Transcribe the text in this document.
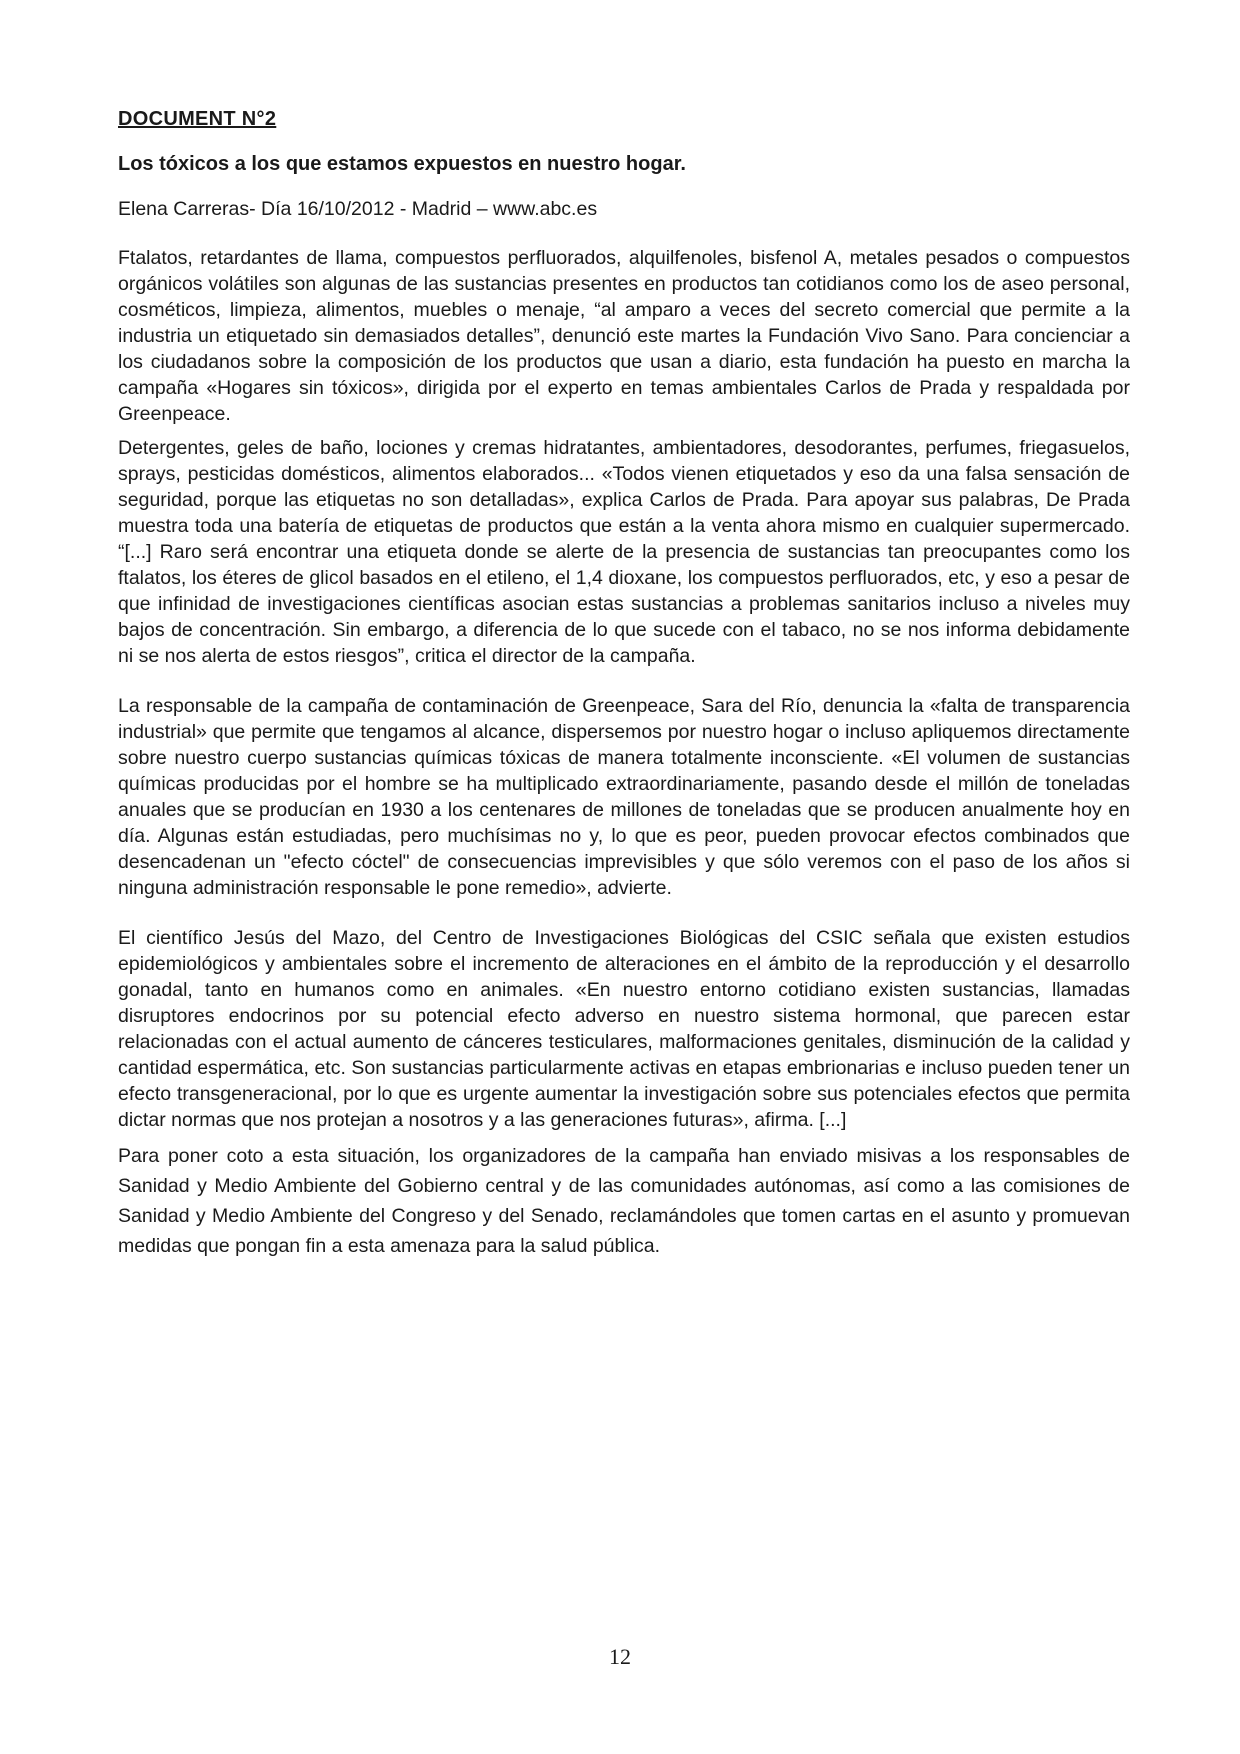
DOCUMENT N°2
Los tóxicos a los que estamos expuestos en nuestro hogar.
Elena Carreras- Día 16/10/2012 - Madrid – www.abc.es

Ftalatos, retardantes de llama, compuestos perfluorados, alquilfenoles, bisfenol A, metales pesados o compuestos orgánicos volátiles son algunas de las sustancias presentes en productos tan cotidianos como los de aseo personal, cosméticos, limpieza, alimentos, muebles o menaje, “al amparo a veces del secreto comercial que permite a la industria un etiquetado sin demasiados detalles”, denunció este martes la Fundación Vivo Sano. Para concienciar a los ciudadanos sobre la composición de los productos que usan a diario, esta fundación ha puesto en marcha la campaña «Hogares sin tóxicos», dirigida por el experto en temas ambientales Carlos de Prada y respaldada por Greenpeace.

Detergentes, geles de baño, lociones y cremas hidratantes, ambientadores, desodorantes, perfumes, friegasuelos, sprays, pesticidas domésticos, alimentos elaborados... «Todos vienen etiquetados y eso da una falsa sensación de seguridad, porque las etiquetas no son detalladas», explica Carlos de Prada. Para apoyar sus palabras, De Prada muestra toda una batería de etiquetas de productos que están a la venta ahora mismo en cualquier supermercado. “[...] Raro será encontrar una etiqueta donde se alerte de la presencia de sustancias tan preocupantes como los ftalatos, los éteres de glicol basados en el etileno, el 1,4 dioxane, los compuestos perfluorados, etc, y eso a pesar de que infinidad de investigaciones científicas asocian estas sustancias a problemas sanitarios incluso a niveles muy bajos de concentración. Sin embargo, a diferencia de lo que sucede con el tabaco, no se nos informa debidamente ni se nos alerta de estos riesgos”, critica el director de la campaña.

La responsable de la campaña de contaminación de Greenpeace, Sara del Río, denuncia la «falta de transparencia industrial» que permite que tengamos al alcance, dispersemos por nuestro hogar o incluso apliquemos directamente sobre nuestro cuerpo sustancias químicas tóxicas de manera totalmente inconsciente. «El volumen de sustancias químicas producidas por el hombre se ha multiplicado extraordinariamente, pasando desde el millón de toneladas anuales que se producían en 1930 a los centenares de millones de toneladas que se producen anualmente hoy en día. Algunas están estudiadas, pero muchísimas no y, lo que es peor, pueden provocar efectos combinados que desencadenan un "efecto cóctel" de consecuencias imprevisibles y que sólo veremos con el paso de los años si ninguna administración responsable le pone remedio», advierte.

El científico Jesús del Mazo, del Centro de Investigaciones Biológicas del CSIC señala que existen estudios epidemiológicos y ambientales sobre el incremento de alteraciones en el ámbito de la reproducción y el desarrollo gonadal, tanto en humanos como en animales. «En nuestro entorno cotidiano existen sustancias, llamadas disruptores endocrinos por su potencial efecto adverso en nuestro sistema hormonal, que parecen estar relacionadas con el actual aumento de cánceres testiculares, malformaciones genitales, disminución de la calidad y cantidad espermática, etc. Son sustancias particularmente activas en etapas embrionarias e incluso pueden tener un efecto transgeneracional, por lo que es urgente aumentar la investigación sobre sus potenciales efectos que permita dictar normas que nos protejan a nosotros y a las generaciones futuras», afirma. [...]

Para poner coto a esta situación, los organizadores de la campaña han enviado misivas a los responsables de Sanidad y Medio Ambiente del Gobierno central y de las comunidades autónomas, así como a las comisiones de Sanidad y Medio Ambiente del Congreso y del Senado, reclamándoles que tomen cartas en el asunto y promuevan medidas que pongan fin a esta amenaza para la salud pública.

12
